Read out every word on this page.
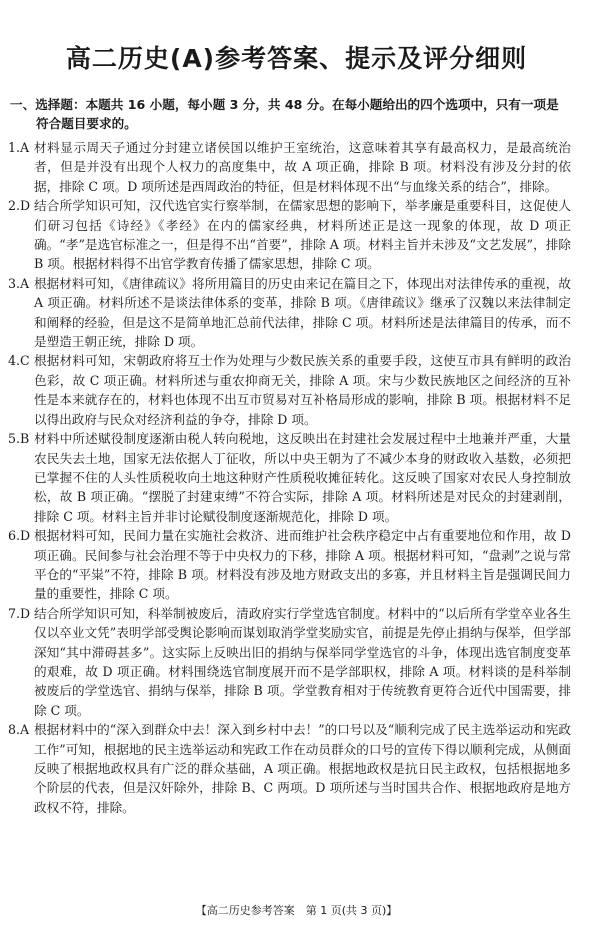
高二历史(A)参考答案、提示及评分细则
一、选择题：本题共 16 小题，每小题 3 分，共 48 分。在每小题给出的四个选项中，只有一项是符合题目要求的。
1.A 材料显示周天子通过分封建立诸侯国以维护王室统治，这意味着其享有最高权力，是最高统治者，但是并没有出现个人权力的高度集中，故 A 项正确，排除 B 项。材料没有涉及分封的依据，排除 C 项。D 项所述是西周政治的特征，但是材料体现不出“与血缘关系的结合”，排除。
2.D 结合所学知识可知，汉代选官实行察举制，在儒家思想的影响下，举孝廉是重要科目，这促使人们研习包括《诗经》《孝经》在内的儒家经典，材料所述正是这一现象的体现，故 D 项正确。“孝”是选官标准之一，但是得不出“首要”，排除 A 项。材料主旨并未涉及“文艺发展”，排除 B 项。根据材料得不出官学教育传播了儒家思想，排除 C 项。
3.A 根据材料可知，《唐律疏议》将所用篇目的历史由来记在篇目之下，体现出对法律传承的重视，故 A 项正确。材料所述不是谈法律体系的变革，排除 B 项。《唐律疏议》继承了汉魏以来法律制定和阐释的经验，但是这不是简单地汇总前代法律，排除 C 项。材料所述是法律篇目的传承，而不是塑造王朝正统，排除 D 项。
4.C 根据材料可知，宋朝政府将互士作为处理与少数民族关系的重要手段，这使互市具有鲜明的政治色彩，故 C 项正确。材料所述与重农抑商无关，排除 A 项。宋与少数民族地区之间经济的互补性是本来就存在的，材料也体现不出互市贸易对互补格局形成的影响，排除 B 项。根据材料不足以得出政府与民众对经济利益的争夺，排除 D 项。
5.B 材料中所述赋役制度逐渐由税人转向税地，这反映出在封建社会发展过程中土地兼并严重，大量农民失去土地，国家无法依据人丁征收，所以中央王朝为了不减少本身的财政收入基数，必须把已掌握不住的人头性质税收向土地这种财产性质税收摊征转化。这反映了国家对农民人身控制放松，故 B 项正确。“摆脱了封建束缚”不符合实际，排除 A 项。材料所述是对民众的封建剥削，排除 C 项。材料主旨并非讨论赋役制度逐渐规范化，排除 D 项。
6.D 根据材料可知，民间力量在实施社会救济、进而维护社会秩序稳定中占有重要地位和作用，故 D 项正确。民间参与社会治理不等于中央权力的下移，排除 A 项。根据材料可知，“盘剥”之说与常平仓的“平粜”不符，排除 B 项。材料没有涉及地方财政支出的多寡，并且材料主旨是强调民间力量的重要性，排除 C 项。
7.D 结合所学知识可知，科举制被废后，清政府实行学堂选官制度。材料中的“以后所有学堂卒业各生仅以卒业文凭”表明学部受舆论影响而谋划取消学堂奖励实官，前提是先停止捐纳与保举，但学部深知“其中滞碍甚多”。这实际上反映出旧的捐纳与保举同学堂选官的斗争，体现出选官制度变革的艰难，故 D 项正确。材料围绕选官制度展开而不是学部职权，排除 A 项。材料谈的是科举制被废后的学堂选官、捐纳与保举，排除 B 项。学堂教育相对于传统教育更符合近代中国需要，排除 C 项。
8.A 根据材料中的“深入到群众中去！深入到乡村中去！”的口号以及“顺利完成了民主选举运动和宪政工作”可知，根据地的民主选举运动和宪政工作在动员群众的口号的宣传下得以顺利完成，从侧面反映了根据地政权具有广泛的群众基础，A 项正确。根据地政权是抗日民主政权，包括根据地多个阶层的代表，但是汉奸除外，排除 B、C 两项。D 项所述与当时国共合作、根据地政府是地方政权不符，排除。
【高二历史参考答案　第 1 页(共 3 页)】
